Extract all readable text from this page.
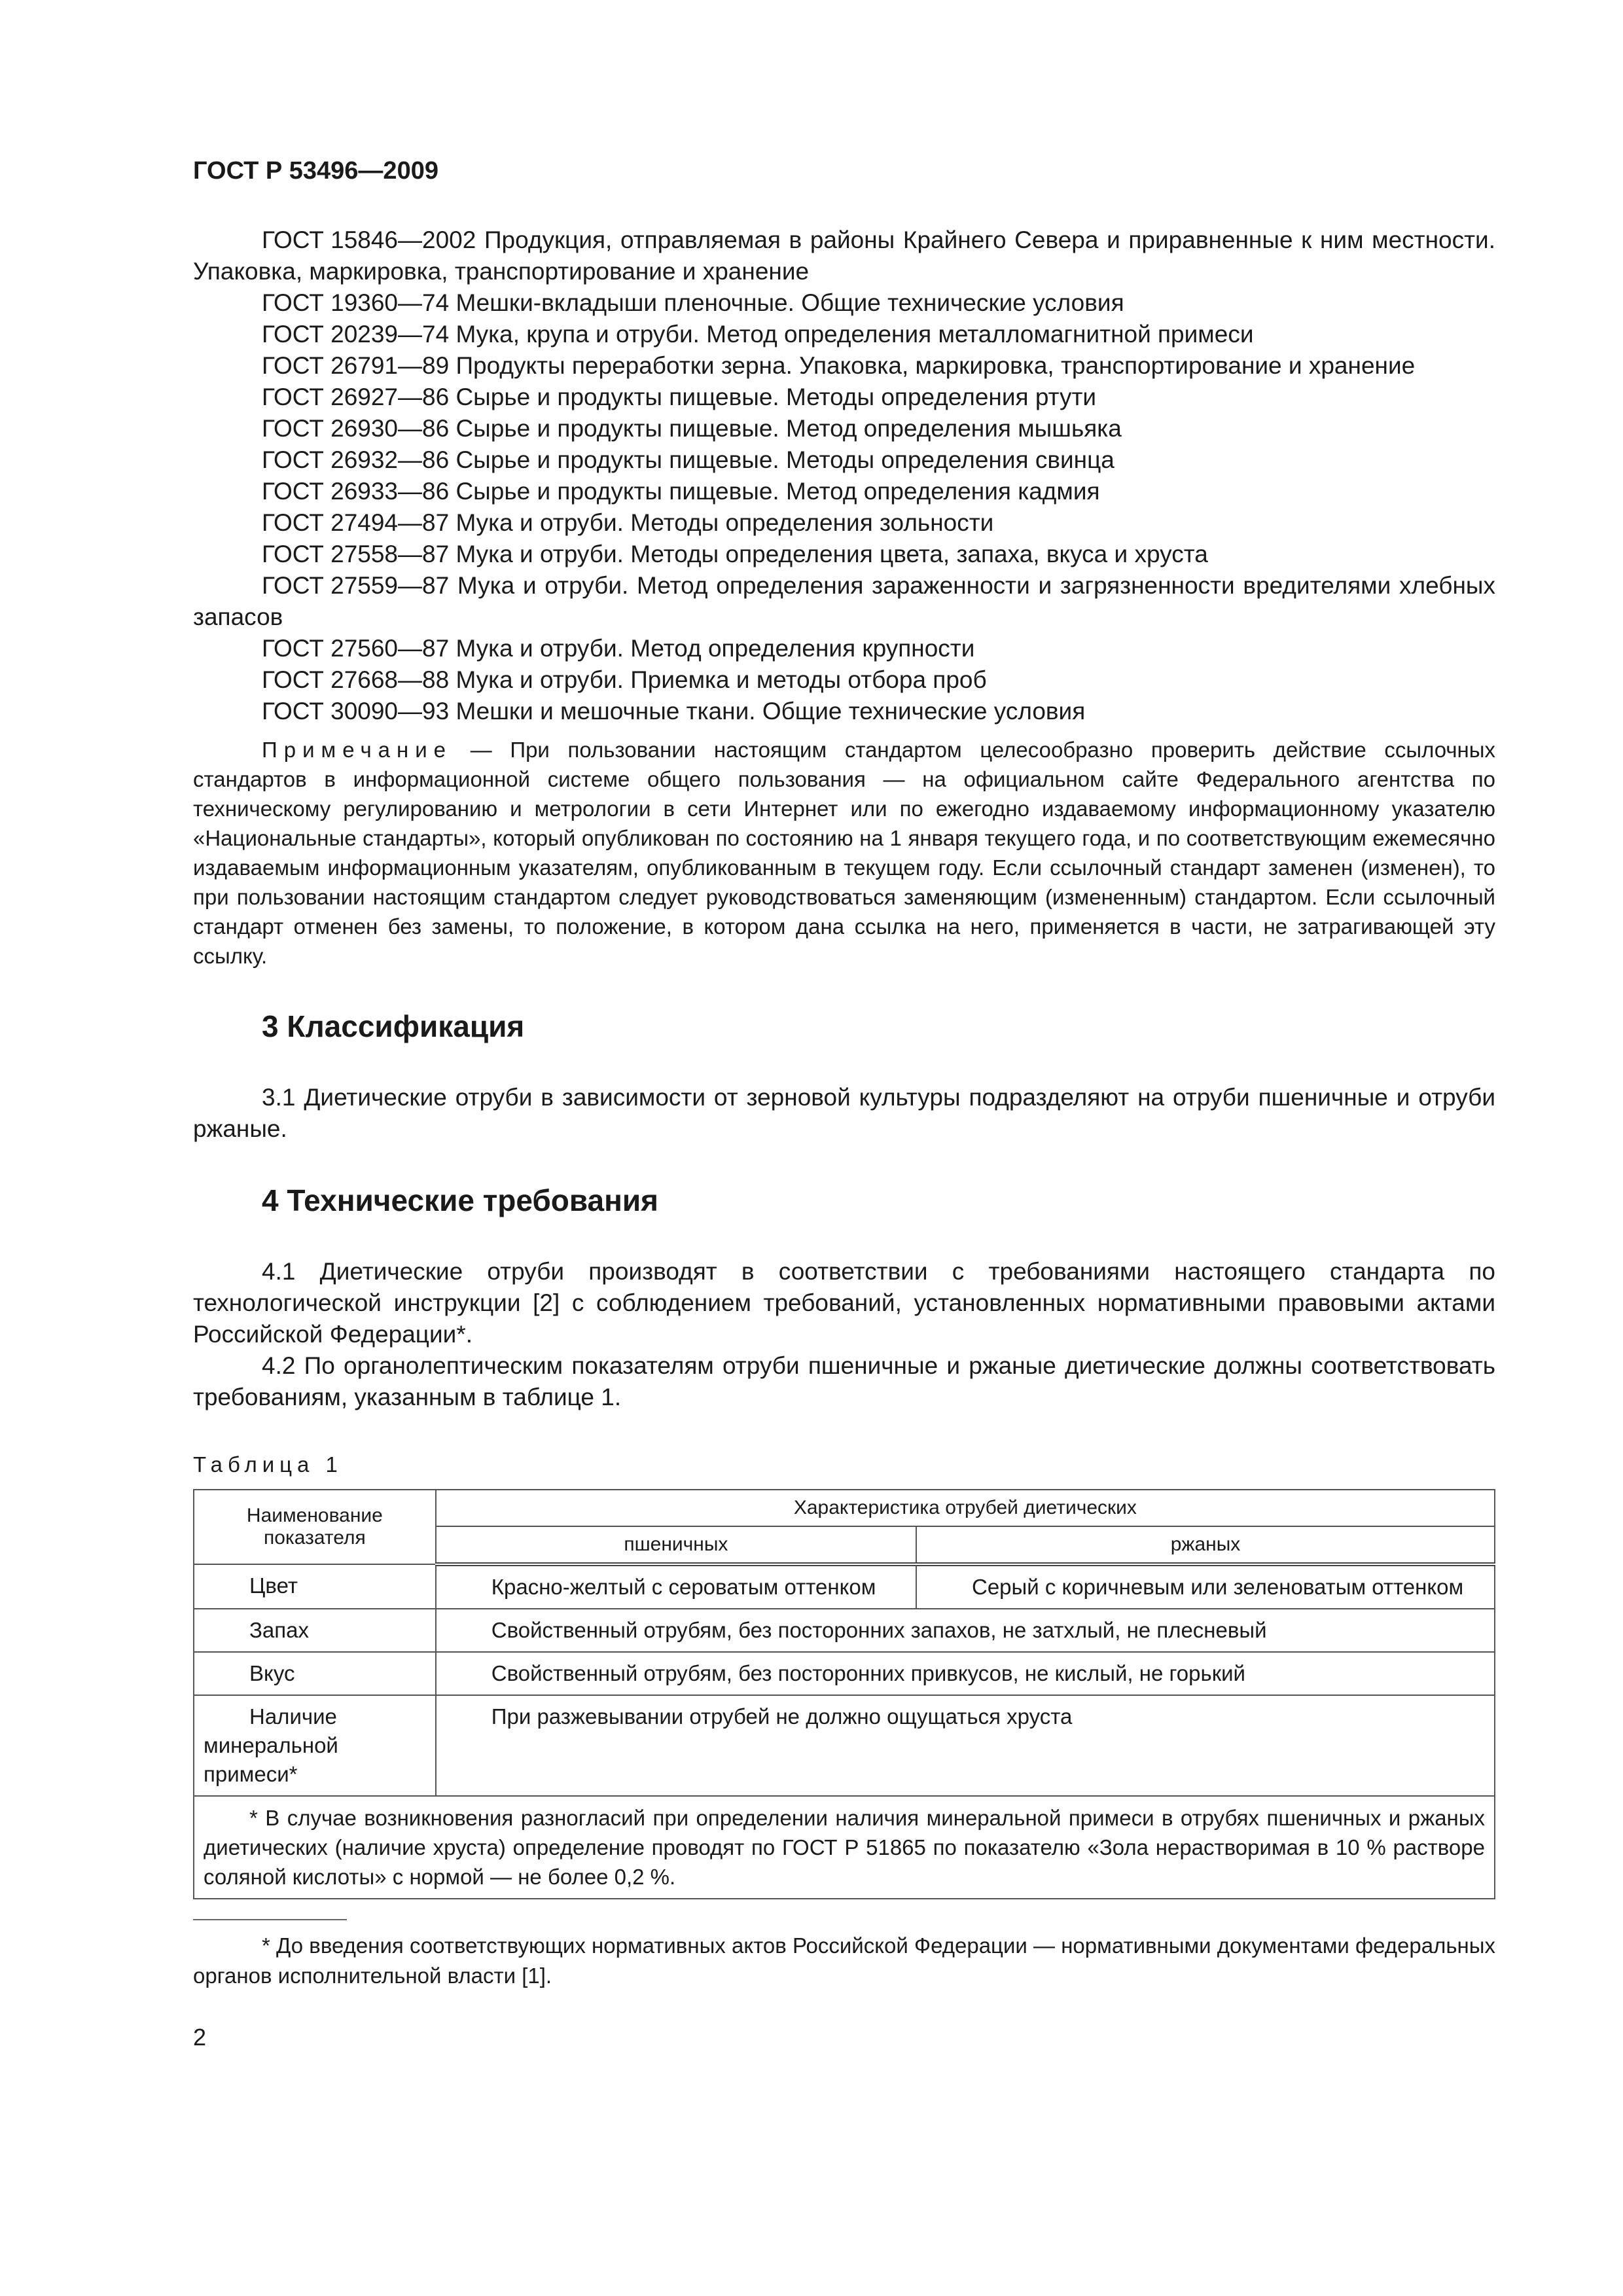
ГОСТ Р 53496—2009

ГОСТ 15846—2002 Продукция, отправляемая в районы Крайнего Севера и приравненные к ним местности. Упаковка, маркировка, транспортирование и хранение

ГОСТ 19360—74 Мешки-вкладыши пленочные. Общие технические условия

ГОСТ 20239—74 Мука, крупа и отруби. Метод определения металломагнитной примеси

ГОСТ 26791—89 Продукты переработки зерна. Упаковка, маркировка, транспортирование и хранение

ГОСТ 26927—86 Сырье и продукты пищевые. Методы определения ртути

ГОСТ 26930—86 Сырье и продукты пищевые. Метод определения мышьяка

ГОСТ 26932—86 Сырье и продукты пищевые. Методы определения свинца

ГОСТ 26933—86 Сырье и продукты пищевые. Метод определения кадмия

ГОСТ 27494—87 Мука и отруби. Методы определения зольности

ГОСТ 27558—87 Мука и отруби. Методы определения цвета, запаха, вкуса и хруста

ГОСТ 27559—87 Мука и отруби. Метод определения зараженности и загрязненности вредителями хлебных запасов

ГОСТ 27560—87 Мука и отруби. Метод определения крупности

ГОСТ 27668—88 Мука и отруби. Приемка и методы отбора проб

ГОСТ 30090—93 Мешки и мешочные ткани. Общие технические условия

Примечание — При пользовании настоящим стандартом целесообразно проверить действие ссылочных стандартов в информационной системе общего пользования — на официальном сайте Федерального агентства по техническому регулированию и метрологии в сети Интернет или по ежегодно издаваемому информационному указателю «Национальные стандарты», который опубликован по состоянию на 1 января текущего года, и по соответствующим ежемесячно издаваемым информационным указателям, опубликованным в текущем году. Если ссылочный стандарт заменен (изменен), то при пользовании настоящим стандартом следует руководствоваться заменяющим (измененным) стандартом. Если ссылочный стандарт отменен без замены, то положение, в котором дана ссылка на него, применяется в части, не затрагивающей эту ссылку.

3 Классификация

3.1 Диетические отруби в зависимости от зерновой культуры подразделяют на отруби пшеничные и отруби ржаные.

4 Технические требования

4.1 Диетические отруби производят в соответствии с требованиями настоящего стандарта по технологической инструкции [2] с соблюдением требований, установленных нормативными правовыми актами Российской Федерации*.

4.2 По органолептическим показателям отруби пшеничные и ржаные диетические должны соответствовать требованиям, указанным в таблице 1.

Таблица 1
Наименование показателя	Характеристика отрубей диетических	
	пшеничных	ржаных
Цвет	Красно-желтый с сероватым оттенком	Серый с коричневым или зеленоватым оттенком
Запах	Свойственный отрубям, без посторонних запахов, не затхлый, не плесневый	
Вкус	Свойственный отрубям, без посторонних привкусов, не кислый, не горький	
Наличие минеральной примеси*	При разжевывании отрубей не должно ощущаться хруста	
* В случае возникновения разногласий при определении наличия минеральной примеси в отрубях пшеничных и ржаных диетических (наличие хруста) определение проводят по ГОСТ Р 51865 по показателю «Зола нерастворимая в 10 % растворе соляной кислоты» с нормой — не более 0,2 %.		

* До введения соответствующих нормативных актов Российской Федерации — нормативными документами федеральных органов исполнительной власти [1].

2
